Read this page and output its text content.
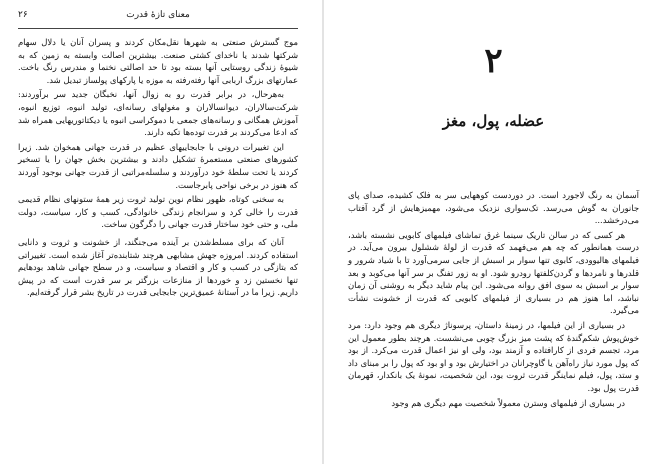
۲۶	معنای تازهٔ قدرت

موج گسترش صنعتی به شهرها نقل‌مکان کردند و پسران آنان یا دلال سهام شرکتها شدند یا ناخدای کشتی صنعت. بیشترین اصالت وابسته به زمین که به شیوهٔ زندگی روستایی آنها بسته بود تا حد اصالتی نخنما و مندرس رنگ باخت. عمارتهای بزرگ اربابی آنها رفته‌رفته به موزه یا پارکهای پولساز تبدیل شد.

به‌هرحال، در برابر قدرت رو به زوال آنها، نخبگان جدید سر برآوردند: شرکت‌سالاران، دیوانسالاران و مغولهای رسانه‌ای، تولید انبوه، توزیع انبوه، آموزش همگانی و رسانه‌های جمعی با دموکراسی انبوه یا دیکتاتوریهایی همراه شد که ادعا می‌کردند بر قدرت توده‌ها تکیه دارند.

این تغییرات درونی با جابجاییهای عظیم در قدرت جهانی همخوان شد. زیرا کشورهای صنعتی مستعمرهٔ تشکیل دادند و بیشترین بخش جهان را یا تسخیر کردند یا تحت سلطهٔ خود درآوردند و سلسله‌مراتبی از قدرت جهانی بوجود آوردند که هنوز در برخی نواحی پابرجاست.

به سخنی کوتاه، ظهور نظام نوین تولید ثروت زیر همهٔ ستونهای نظام قدیمی قدرت را خالی کرد و سرانجام زندگی خانوادگی، کسب و کار، سیاست، دولت ملی، و حتی خود ساختار قدرت جهانی را دگرگون ساخت.

آنان که برای مسلط‌شدن بر آینده می‌جنگند، از خشونت و ثروت و دانایی استفاده کردند. امروزه جهش مشابهی هرچند شتابنده‌تر آغاز شده است. تغییراتی که بتازگی در کسب و کار و اقتصاد و سیاست، و در سطح جهانی شاهد بودهایم تنها نخستین زد و خوردها از منازعات بزرگتر بر سر قدرت است که در پیش داریم. زیرا ما در آستانهٔ عمیق‌ترین جابجایی قدرت در تاریخ بشر قرار گرفته‌ایم.

۲
عضله، پول، مغز

آسمان به رنگ لاجورد است. در دوردست کوههایی سر به فلک کشیده، صدای پای جانوران به گوش می‌رسد. تک‌سواری نزدیک می‌شود، مهمیزهایش از گرد آفتاب می‌درخشد...

هر کسی که در سالن تاریک سینما غرق تماشای فیلمهای کابویی نشسته باشد، درست همانطور که چه هم می‌فهمد که قدرت از لولهٔ ششلول بیرون می‌آید. در فیلمهای هالیوودی، کابوی تنها سوار بر اسبش از جایی سرمی‌آورد تا با شیاد شرور و قلدرها و نامردها و گردن‌کلفتها رودرو شود. او به زور تفنگ بر سر آنها می‌کوبد و بعد سوار بر اسبش به سوی افق روانه می‌شود. این پیام شاید دیگر به روشنی آن زمان نباشد، اما هنوز هم در بسیاری از فیلمهای کابویی که قدرت از خشونت نشأت می‌گیرد.

در بسیاری از این فیلمها، در زمینهٔ داستان، پرسوناژ دیگری هم وجود دارد: مرد خوش‌پوش شکم‌گندهٔ که پشت میز بزرگ چوبی می‌نشست. هرچند بطور معمول این مرد، تجسم فردی از کارافتاده و آزمند بود، ولی او نیز اعمال قدرت می‌کرد. از بود که پول مورد نیاز راه‌آهن یا گاوچرانان در اختیارش بود و او بود که پول را بر مبنای داد و ستد، پول، فیلم نماینگر قدرت ثروت بود، این شخصیت، نمونهٔ یک بانکدار، قهرمان قدرت پول بود.

در بسیاری از فیلمهای وسترن معمولاً شخصیت مهم دیگری هم وجود
